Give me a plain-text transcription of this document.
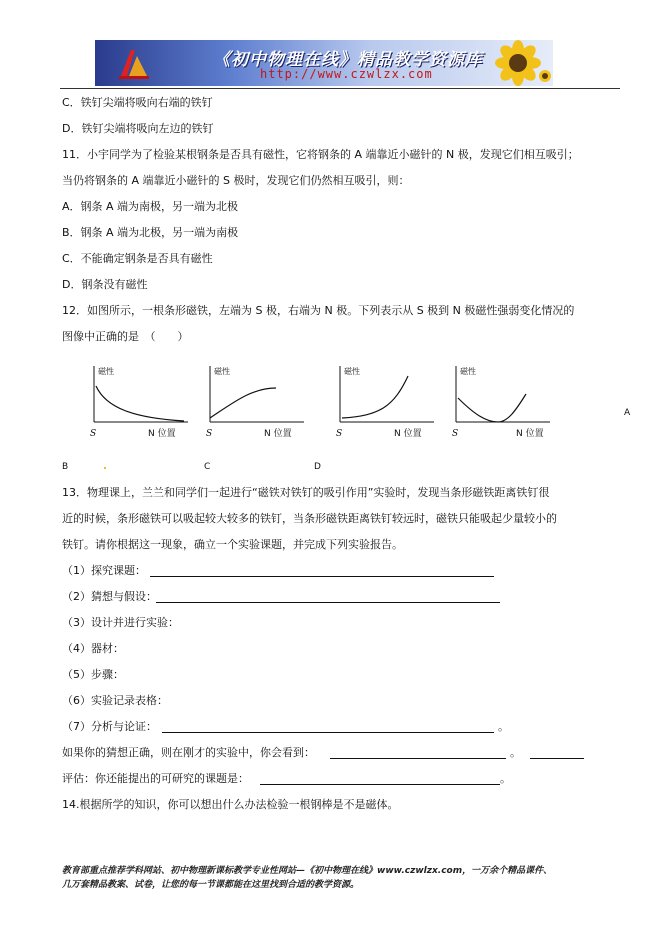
《初中物理在线》精品教学资源库
http://www.czwlzx.com
C．铁钉尖端将吸向右端的铁钉
D．铁钉尖端将吸向左边的铁钉
11．小宇同学为了检验某根钢条是否具有磁性，它将钢条的 A 端靠近小磁针的 N 极，发现它们相互吸引；
当仍将钢条的 A 端靠近小磁针的 S 极时，发现它们仍然相互吸引，则：
A．钢条 A 端为南极，另一端为北极
B．钢条 A 端为北极，另一端为南极
C．不能确定钢条是否具有磁性
D．钢条没有磁性
12．如图所示，一根条形磁铁，左端为 S 极，右端为 N 极。下列表示从 S 极到 N 极磁性强弱变化情况的
图像中正确的是　（　　）
磁性
S	N 位置
磁性
S	N 位置
磁性
S	N 位置
磁性
S	N 位置
A
B	C	D
13．物理课上，兰兰和同学们一起进行“磁铁对铁钉的吸引作用”实验时，发现当条形磁铁距离铁钉很
近的时候，条形磁铁可以吸起较大较多的铁钉，当条形磁铁距离铁钉较远时，磁铁只能吸起少量较小的
铁钉。请你根据这一现象，确立一个实验课题，并完成下列实验报告。
（1）探究课题：
（2）猜想与假设：
（3）设计并进行实验：
（4）器材：
（5）步骤：
（6）实验记录表格：
（7）分析与论证：	。
如果你的猜想正确，则在刚才的实验中，你会看到：	。
评估：你还能提出的可研究的课题是：	。
14.根据所学的知识，你可以想出什么办法检验一根钢棒是不是磁体。
教育部重点推荐学科网站、初中物理新课标教学专业性网站—《初中物理在线》www.czwlzx.com，一万余个精品课件、
几万套精品教案、试卷，让您的每一节课都能在这里找到合适的教学资源。
